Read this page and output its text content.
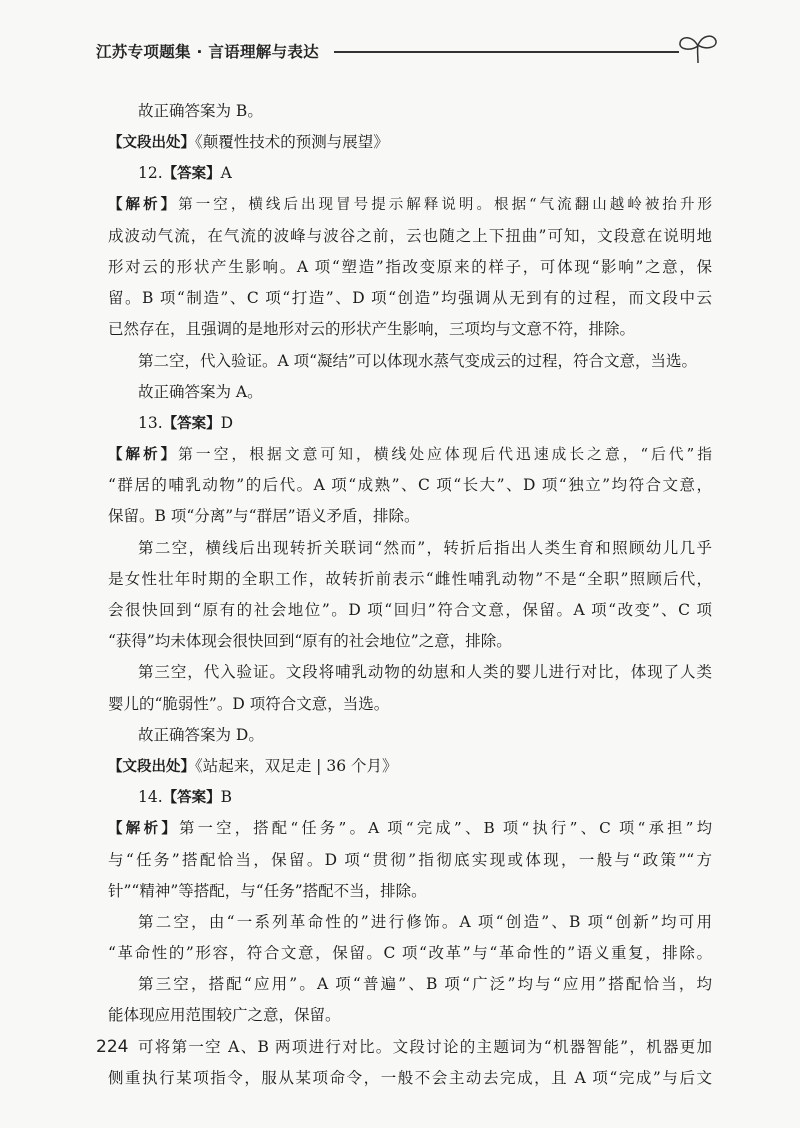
江苏专项题集 · 言语理解与表达
故正确答案为 B。
【文段出处】《颠覆性技术的预测与展望》
12.【答案】A
【解析】第一空，横线后出现冒号提示解释说明。根据“气流翻山越岭被抬升形
成波动气流，在气流的波峰与波谷之前，云也随之上下扭曲”可知，文段意在说明地
形对云的形状产生影响。A 项“塑造”指改变原来的样子，可体现“影响”之意，保
留。B 项“制造”、C 项“打造”、D 项“创造”均强调从无到有的过程，而文段中云
已然存在，且强调的是地形对云的形状产生影响，三项均与文意不符，排除。
第二空，代入验证。A 项“凝结”可以体现水蒸气变成云的过程，符合文意，当选。
故正确答案为 A。
13.【答案】D
【解析】第一空，根据文意可知，横线处应体现后代迅速成长之意，“后代”指
“群居的哺乳动物”的后代。A 项“成熟”、C 项“长大”、D 项“独立”均符合文意，
保留。B 项“分离”与“群居”语义矛盾，排除。
第二空，横线后出现转折关联词“然而”，转折后指出人类生育和照顾幼儿几乎
是女性壮年时期的全职工作，故转折前表示“雌性哺乳动物”不是“全职”照顾后代，
会很快回到“原有的社会地位”。D 项“回归”符合文意，保留。A 项“改变”、C 项
“获得”均未体现会很快回到“原有的社会地位”之意，排除。
第三空，代入验证。文段将哺乳动物的幼崽和人类的婴儿进行对比，体现了人类
婴儿的“脆弱性”。D 项符合文意，当选。
故正确答案为 D。
【文段出处】《站起来，双足走 | 36 个月》
14.【答案】B
【解析】第一空，搭配“任务”。A 项“完成”、B 项“执行”、C 项“承担”均
与“任务”搭配恰当，保留。D 项“贯彻”指彻底实现或体现，一般与“政策”“方
针”“精神”等搭配，与“任务”搭配不当，排除。
第二空，由“一系列革命性的”进行修饰。A 项“创造”、B 项“创新”均可用
“革命性的”形容，符合文意，保留。C 项“改革”与“革命性的”语义重复，排除。
第三空，搭配“应用”。A 项“普遍”、B 项“广泛”均与“应用”搭配恰当，均
能体现应用范围较广之意，保留。
可将第一空 A、B 两项进行对比。文段讨论的主题词为“机器智能”，机器更加
侧重执行某项指令，服从某项命令，一般不会主动去完成，且 A 项“完成”与后文
224
